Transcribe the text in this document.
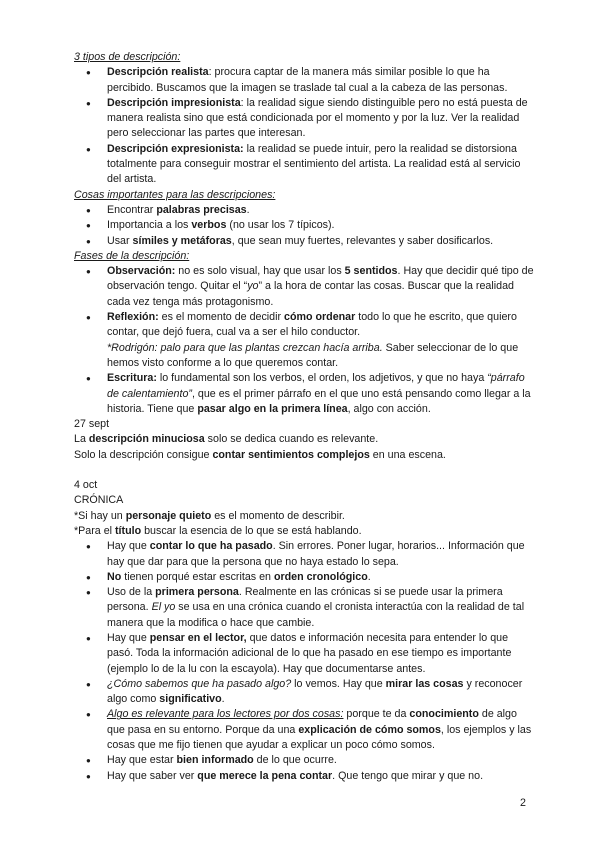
3 tipos de descripción:

● Descripción realista: procura captar de la manera más similar posible lo que ha percibido. Buscamos que la imagen se traslade tal cual a la cabeza de las personas.
● Descripción impresionista: la realidad sigue siendo distinguible pero no está puesta de manera realista sino que está condicionada por el momento y por la luz. Ver la realidad pero seleccionar las partes que interesan.
● Descripción expresionista: la realidad se puede intuir, pero la realidad se distorsiona totalmente para conseguir mostrar el sentimiento del artista. La realidad está al servicio del artista.

Cosas importantes para las descripciones:

● Encontrar palabras precisas.
● Importancia a los verbos (no usar los 7 típicos).
● Usar símiles y metáforas, que sean muy fuertes, relevantes y saber dosificarlos.

Fases de la descripción:

● Observación: no es solo visual, hay que usar los 5 sentidos. Hay que decidir qué tipo de observación tengo. Quitar el “yo” a la hora de contar las cosas. Buscar que la realidad cada vez tenga más protagonismo.
● Reflexión: es el momento de decidir cómo ordenar todo lo que he escrito, que quiero contar, que dejó fuera, cual va a ser el hilo conductor.
*Rodrigón: palo para que las plantas crezcan hacía arriba. Saber seleccionar de lo que hemos visto conforme a lo que queremos contar.
● Escritura: lo fundamental son los verbos, el orden, los adjetivos, y que no haya “párrafo de calentamiento”, que es el primer párrafo en el que uno está pensando como llegar a la historia. Tiene que pasar algo en la primera línea, algo con acción.

27 sept

La descripción minuciosa solo se dedica cuando es relevante.

Solo la descripción consigue contar sentimientos complejos en una escena.

4 oct

CRÓNICA

*Si hay un personaje quieto es el momento de describir.

*Para el título buscar la esencia de lo que se está hablando.

● Hay que contar lo que ha pasado. Sin errores. Poner lugar, horarios... Información que hay que dar para que la persona que no haya estado lo sepa.
● No tienen porqué estar escritas en orden cronológico.
● Uso de la primera persona. Realmente en las crónicas si se puede usar la primera persona. El yo se usa en una crónica cuando el cronista interactúa con la realidad de tal manera que la modifica o hace que cambie.
● Hay que pensar en el lector, que datos e información necesita para entender lo que pasó. Toda la información adicional de lo que ha pasado en ese tiempo es importante (ejemplo lo de la lu con la escayola). Hay que documentarse antes.
● ¿Cómo sabemos que ha pasado algo? lo vemos. Hay que mirar las cosas y reconocer algo como significativo.
● Algo es relevante para los lectores por dos cosas: porque te da conocimiento de algo que pasa en su entorno. Porque da una explicación de cómo somos, los ejemplos y las cosas que me fijo tienen que ayudar a explicar un poco cómo somos.
● Hay que estar bien informado de lo que ocurre.
● Hay que saber ver que merece la pena contar. Que tengo que mirar y que no.
2
